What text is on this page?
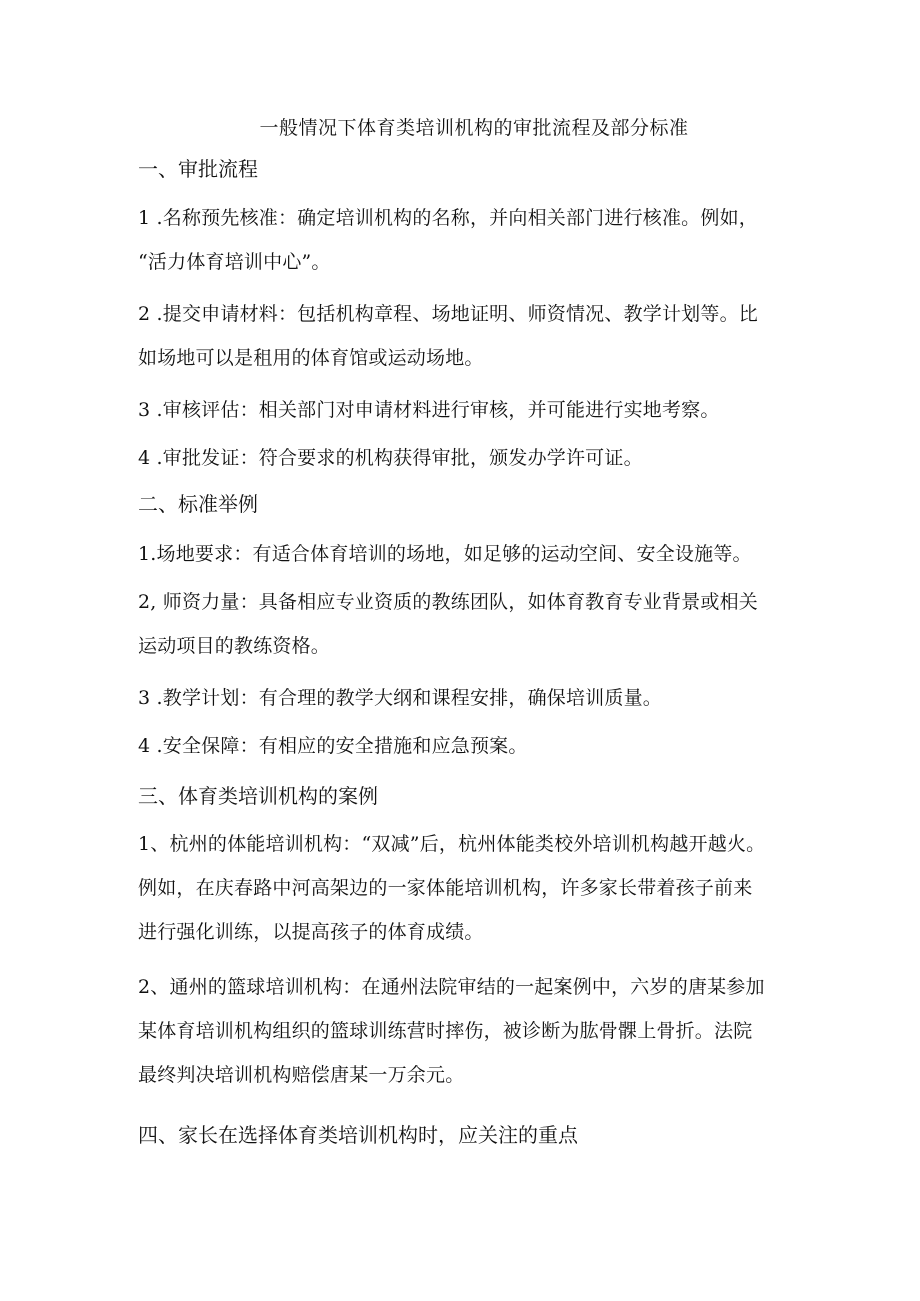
一般情况下体育类培训机构的审批流程及部分标准
一、审批流程
1 .名称预先核准：确定培训机构的名称，并向相关部门进行核准。例如，
“活力体育培训中心”。
2 .提交申请材料：包括机构章程、场地证明、师资情况、教学计划等。比
如场地可以是租用的体育馆或运动场地。
3 .审核评估：相关部门对申请材料进行审核，并可能进行实地考察。
4 .审批发证：符合要求的机构获得审批，颁发办学许可证。
二、标准举例
1.场地要求：有适合体育培训的场地，如足够的运动空间、安全设施等。
2, 师资力量：具备相应专业资质的教练团队，如体育教育专业背景或相关
运动项目的教练资格。
3 .教学计划：有合理的教学大纲和课程安排，确保培训质量。
4 .安全保障：有相应的安全措施和应急预案。
三、体育类培训机构的案例
1、杭州的体能培训机构：“双减”后，杭州体能类校外培训机构越开越火。
例如，在庆春路中河高架边的一家体能培训机构，许多家长带着孩子前来
进行强化训练，以提高孩子的体育成绩。
2、通州的篮球培训机构：在通州法院审结的一起案例中，六岁的唐某参加
某体育培训机构组织的篮球训练营时摔伤，被诊断为肱骨髁上骨折。法院
最终判决培训机构赔偿唐某一万余元。
四、家长在选择体育类培训机构时，应关注的重点
